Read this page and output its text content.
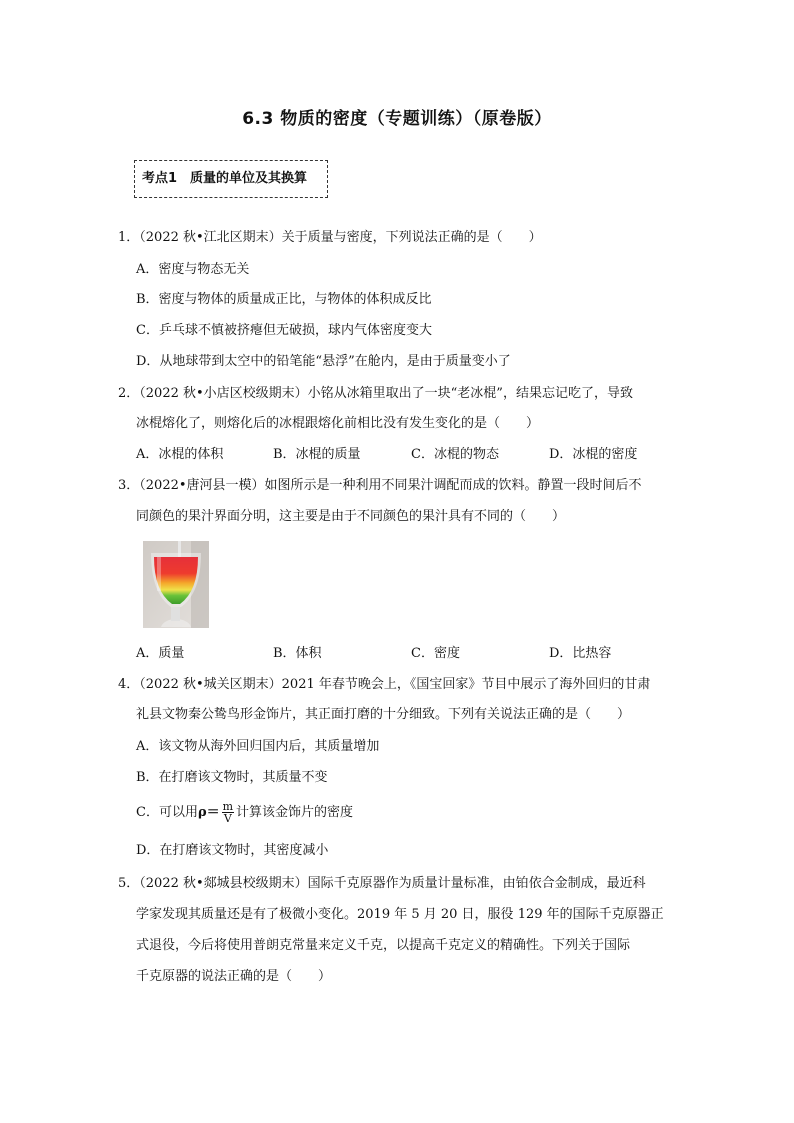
6.3 物质的密度（专题训练）（原卷版）
考点1　质量的单位及其换算
1．（2022 秋•江北区期末）关于质量与密度，下列说法正确的是（　　）
A．密度与物态无关
B．密度与物体的质量成正比，与物体的体积成反比
C．乒乓球不慎被挤瘪但无破损，球内气体密度变大
D．从地球带到太空中的铅笔能“悬浮”在舱内，是由于质量变小了
2．（2022 秋•小店区校级期末）小铭从冰箱里取出了一块“老冰棍”，结果忘记吃了，导致
冰棍熔化了，则熔化后的冰棍跟熔化前相比没有发生变化的是（　　）
A．冰棍的体积	B．冰棍的质量	C．冰棍的物态	D．冰棍的密度
3．（2022•唐河县一模）如图所示是一种利用不同果汁调配而成的饮料。静置一段时间后不
同颜色的果汁界面分明，这主要是由于不同颜色的果汁具有不同的（　　）
A．质量	B．体积	C．密度	D．比热容
4．（2022 秋•城关区期末）2021 年春节晚会上，《国宝回家》节目中展示了海外回归的甘肃
礼县文物秦公鸷鸟形金饰片，其正面打磨的十分细致。下列有关说法正确的是（　　）
A．该文物从海外回归国内后，其质量增加
B．在打磨该文物时，其质量不变
C．可以用$\rho= \frac{m}{V}$ 计算该金饰片的密度
D．在打磨该文物时，其密度减小
5．（2022 秋•郯城县校级期末）国际千克原器作为质量计量标准，由铂依合金制成，最近科
学家发现其质量还是有了极微小变化。2019 年 5 月 20 日，服役 129 年的国际千克原器正
式退役，今后将使用普朗克常量来定义千克，以提高千克定义的精确性。下列关于国际
千克原器的说法正确的是（　　）
